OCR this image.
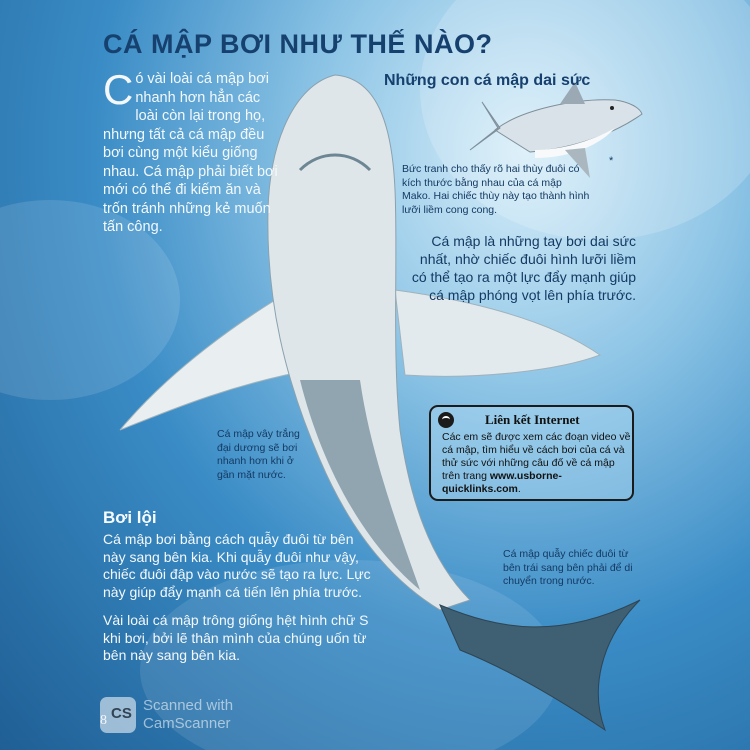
CÁ MẬP BƠI NHƯ THẾ NÀO?
Có vài loài cá mập bơi nhanh hơn hẳn các loài còn lại trong họ, nhưng tất cả cá mập đều bơi cùng một kiểu giống nhau. Cá mập phải biết bơi mới có thể đi kiếm ăn và trốn tránh những kẻ muốn tấn công.
Những con cá mập dai sức
*
Bức tranh cho thấy rõ hai thùy đuôi có kích thước bằng nhau của cá mập Mako. Hai chiếc thùy này tạo thành hình lưỡi liềm cong cong.
Cá mập là những tay bơi dai sức nhất, nhờ chiếc đuôi hình lưỡi liềm có thể tạo ra một lực đẩy mạnh giúp cá mập phóng vọt lên phía trước.
Cá mập vây trắng đại dương sẽ bơi nhanh hơn khi ở gần mặt nước.
Liên kết Internet
Các em sẽ được xem các đoạn video về cá mập, tìm hiểu về cách bơi của cá và thử sức với những câu đố về cá mập trên trang www.usborne-quicklinks.com.
Bơi lội
Cá mập bơi bằng cách quẫy đuôi từ bên này sang bên kia. Khi quẫy đuôi như vậy, chiếc đuôi đập vào nước sẽ tạo ra lực. Lực này giúp đẩy mạnh cá tiến lên phía trước.
Vài loài cá mập trông giống hệt hình chữ S khi bơi, bởi lẽ thân mình của chúng uốn từ bên này sang bên kia.
Cá mập quẫy chiếc đuôi từ bên trái sang bên phải để di chuyển trong nước.
CS
8
Scanned with
CamScanner
